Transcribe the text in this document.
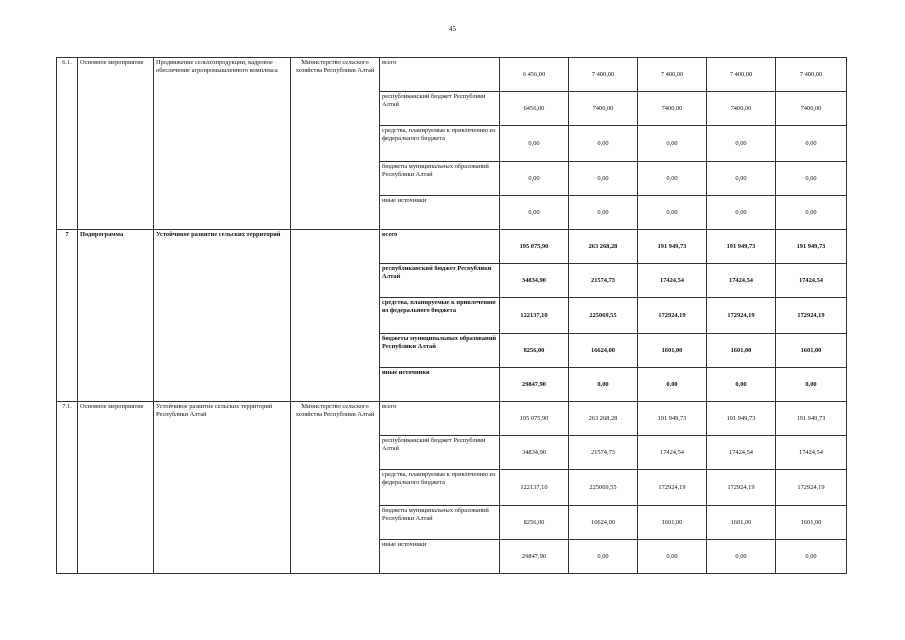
45
6.1.	Основное мероприятие	Продвижение сельхозпродукции, кадровое обеспечение агропромышленного комплекса	Министерство сельского хозяйства Республики Алтай	всего	6 456,00	7 400,00	7 400,00	7 400,00	7 400,00
				республиканский бюджет Республики Алтай	6456,00	7400,00	7400,00	7400,00	7400,00
				средства, планируемые к привлечению из федерального бюджета	0,00	0,00	0,00	0,00	0,00
				бюджеты муниципальных образований Республики Алтай	0,00	0,00	0,00	0,00	0,00
				иные источники	0,00	0,00	0,00	0,00	0,00
7	Подпрограмма	Устойчивое развитие сельских территорий		всего	195 075,90	263 268,28	191 949,73	191 949,73	191 949,73
				республиканский бюджет Республики Алтай	34834,90	21574,73	17424,54	17424,54	17424,54
				средства, планируемые к привлечению из федерального бюджета	122137,10	225069,55	172924,19	172924,19	172924,19
				бюджеты муниципальных образований Республики Алтай	8256,00	16624,00	1601,00	1601,00	1601,00
				иные источники	29847,90	0,00	0,00	0,00	0,00
7.1.	Основное мероприятие	Устойчивое развитие сельских территорий Республики Алтай	Министерство сельского хозяйства Республики Алтай	всего	195 075,90	263 268,28	191 949,73	191 949,73	191 949,73
				республиканский бюджет Республики Алтай	34834,90	21574,73	17424,54	17424,54	17424,54
				средства, планируемые к привлечению из федерального бюджета	122137,10	225069,55	172924,19	172924,19	172924,19
				бюджеты муниципальных образований Республики Алтай	8256,00	16624,00	1601,00	1601,00	1601,00
				иные источники	29847,90	0,00	0,00	0,00	0,00
